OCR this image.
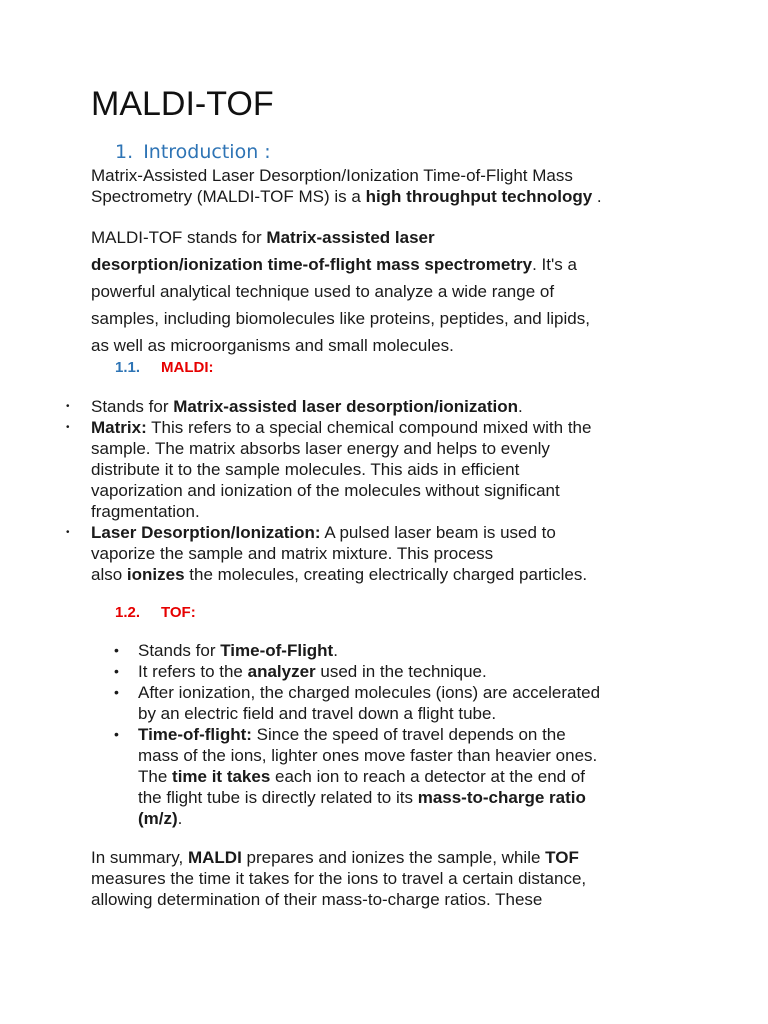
MALDI-TOF
1. Introduction :
Matrix-Assisted Laser Desorption/Ionization Time-of-Flight Mass
Spectrometry (MALDI-TOF MS) is a high throughput technology .
MALDI-TOF stands for Matrix-assisted laser
desorption/ionization time-of-flight mass spectrometry. It's a
powerful analytical technique used to analyze a wide range of
samples, including biomolecules like proteins, peptides, and lipids,
as well as microorganisms and small molecules.
1.1. MALDI:
• Stands for Matrix-assisted laser desorption/ionization.
• Matrix: This refers to a special chemical compound mixed with the
sample. The matrix absorbs laser energy and helps to evenly
distribute it to the sample molecules. This aids in efficient
vaporization and ionization of the molecules without significant
fragmentation.
• Laser Desorption/Ionization: A pulsed laser beam is used to
vaporize the sample and matrix mixture. This process
also ionizes the molecules, creating electrically charged particles.
1.2. TOF:
• Stands for Time-of-Flight.
• It refers to the analyzer used in the technique.
• After ionization, the charged molecules (ions) are accelerated
by an electric field and travel down a flight tube.
• Time-of-flight: Since the speed of travel depends on the
mass of the ions, lighter ones move faster than heavier ones.
The time it takes each ion to reach a detector at the end of
the flight tube is directly related to its mass-to-charge ratio
(m/z).
In summary, MALDI prepares and ionizes the sample, while TOF
measures the time it takes for the ions to travel a certain distance,
allowing determination of their mass-to-charge ratios. These
